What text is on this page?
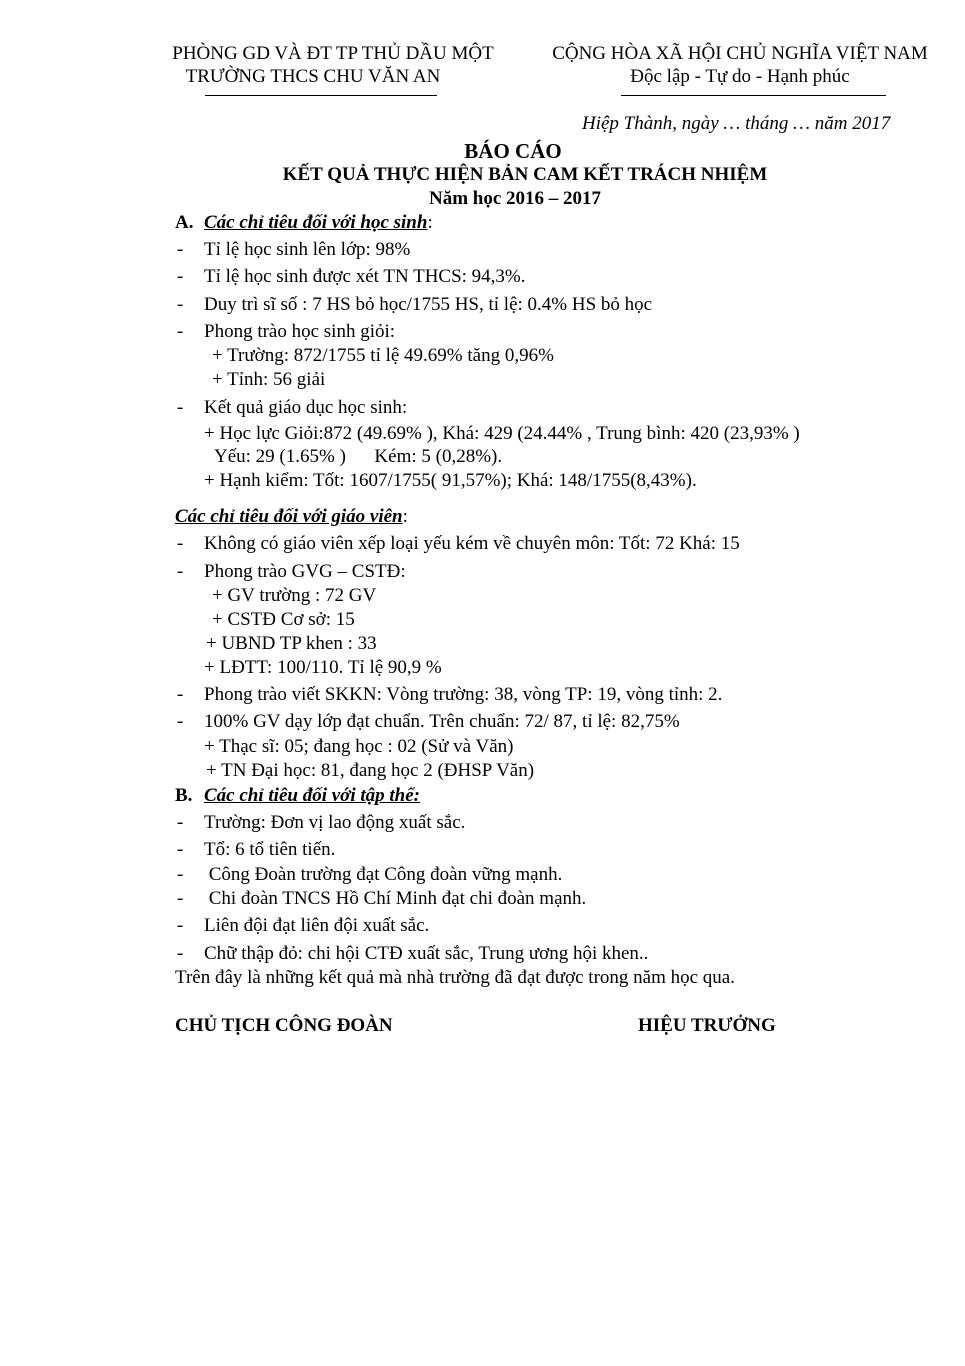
PHÒNG GD VÀ ĐT TP THỦ DẦU MỘT
TRƯỜNG THCS CHU VĂN AN
CỘNG HÒA XÃ HỘI CHỦ NGHĨA VIỆT NAM
Độc lập - Tự do - Hạnh phúc
Hiệp Thành, ngày … tháng … năm 2017
BÁO CÁO
KẾT QUẢ THỰC HIỆN BẢN CAM KẾT TRÁCH NHIỆM
Năm học 2016 – 2017
A. Các chỉ tiêu đối với học sinh:
- Tỉ lệ học sinh lên lớp: 98%
- Tỉ lệ học sinh được xét TN THCS: 94,3%.
- Duy trì sĩ số : 7 HS bỏ học/1755 HS, tỉ lệ: 0.4% HS bỏ học
- Phong trào học sinh giỏi:
+ Trường: 872/1755 tỉ lệ 49.69% tăng 0,96%
+ Tỉnh: 56 giải
- Kết quả giáo dục học sinh:
+ Học lực Giỏi:872 (49.69% ), Khá: 429 (24.44% , Trung bình: 420 (23,93% )
Yếu: 29 (1.65% )      Kém: 5 (0,28%).
+ Hạnh kiểm: Tốt: 1607/1755( 91,57%); Khá: 148/1755(8,43%).
Các chỉ tiêu đối với giáo viên:
- Không có giáo viên xếp loại yếu kém về chuyên môn: Tốt: 72 Khá: 15
- Phong trào GVG – CSTĐ:
+ GV trường : 72 GV
+ CSTĐ Cơ sở: 15
+ UBND TP khen : 33
+ LĐTT: 100/110. Tỉ lệ 90,9 %
- Phong trào viết SKKN: Vòng trường: 38, vòng TP: 19, vòng tỉnh: 2.
- 100% GV dạy lớp đạt chuẩn. Trên chuẩn: 72/ 87, tỉ lệ: 82,75%
+ Thạc sĩ: 05; đang học : 02 (Sử và Văn)
+ TN Đại học: 81, đang học 2 (ĐHSP Văn)
B. Các chỉ tiêu đối với tập thể:
- Trường: Đơn vị lao động xuất sắc.
- Tổ: 6 tổ tiên tiến.
- Công Đoàn trường đạt Công đoàn vững mạnh.
- Chi đoàn TNCS Hồ Chí Minh đạt chi đoàn mạnh.
- Liên đội đạt liên đội xuất sắc.
- Chữ thập đỏ: chi hội CTĐ xuất sắc, Trung ương hội khen..
Trên đây là những kết quả mà nhà trường đã đạt được trong năm học qua.
CHỦ TỊCH CÔNG ĐOÀN	HIỆU TRƯỞNG
